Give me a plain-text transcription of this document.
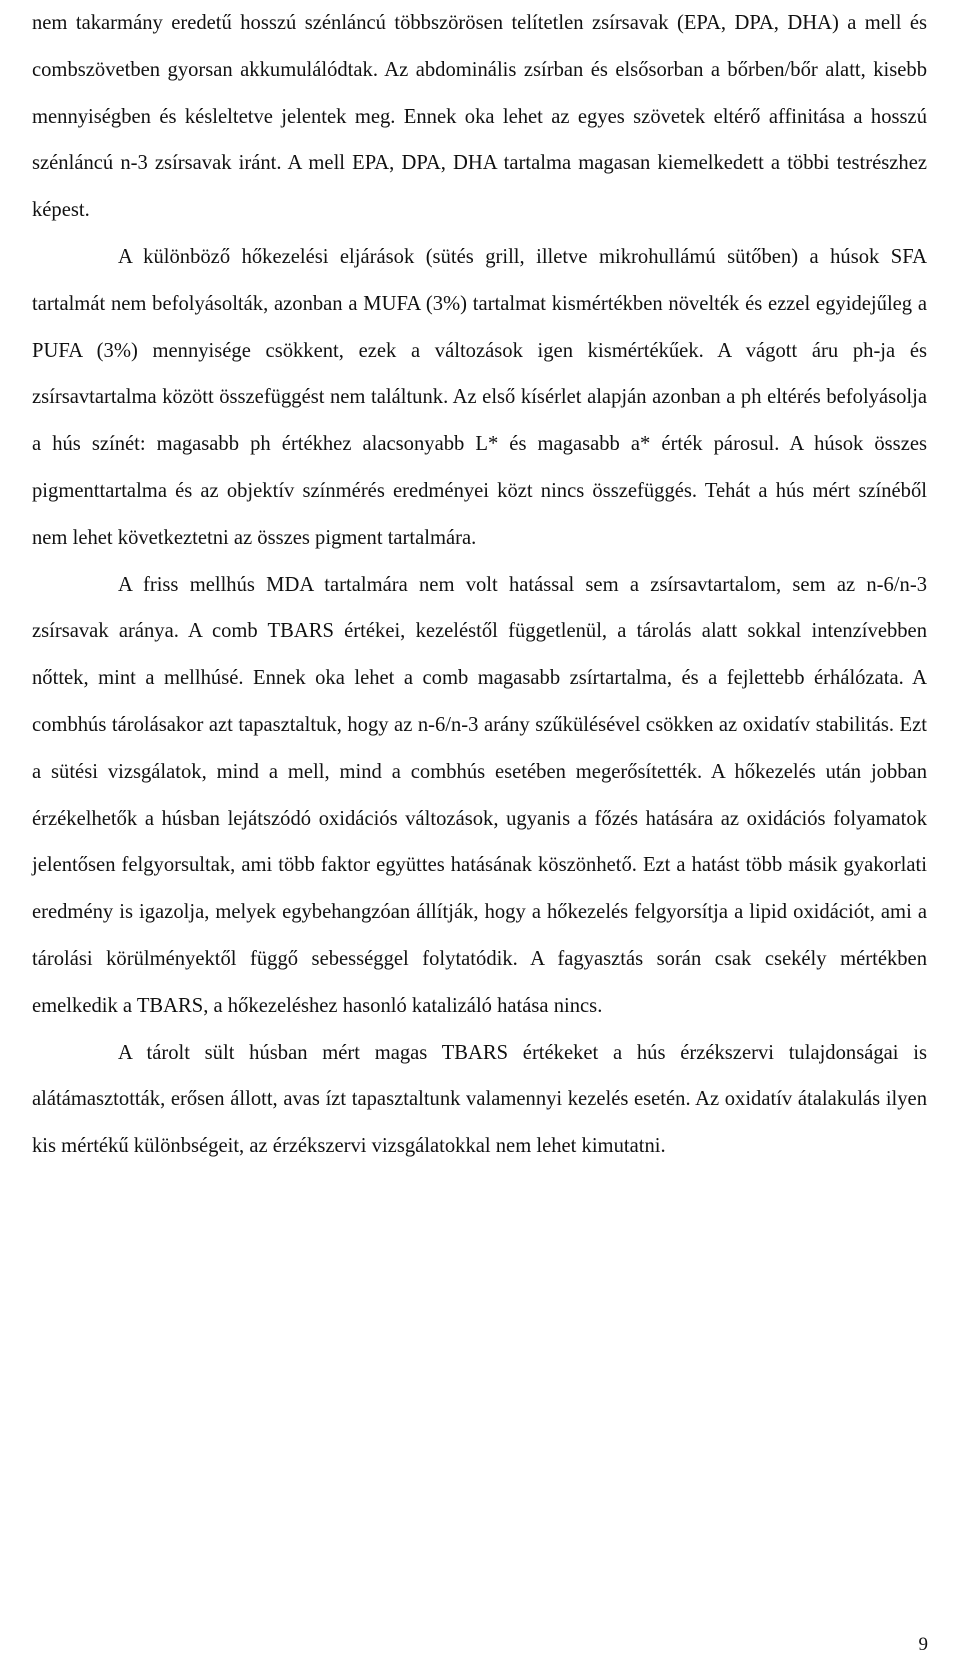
nem takarmány eredetű hosszú szénláncú többszörösen telítetlen zsírsavak (EPA, DPA, DHA) a mell és combszövetben gyorsan akkumulálódtak. Az abdominális zsírban és elsősorban a bőrben/bőr alatt, kisebb mennyiségben és késleltetve jelentek meg. Ennek oka lehet az egyes szövetek eltérő affinitása a hosszú szénláncú n-3 zsírsavak iránt. A mell EPA, DPA, DHA tartalma magasan kiemelkedett a többi testrészhez képest.

A különböző hőkezelési eljárások (sütés grill, illetve mikrohullámú sütőben) a húsok SFA tartalmát nem befolyásolták, azonban a MUFA (3%) tartalmat kismértékben növelték és ezzel egyidejűleg a PUFA (3%) mennyisége csökkent, ezek a változások igen kismértékűek. A vágott áru ph-ja és zsírsavtartalma között összefüggést nem találtunk. Az első kísérlet alapján azonban a ph eltérés befolyásolja a hús színét: magasabb ph értékhez alacsonyabb L* és magasabb a* érték párosul. A húsok összes pigmenttartalma és az objektív színmérés eredményei közt nincs összefüggés. Tehát a hús mért színéből nem lehet következtetni az összes pigment tartalmára.

A friss mellhús MDA tartalmára nem volt hatással sem a zsírsavtartalom, sem az n-6/n-3 zsírsavak aránya. A comb TBARS értékei, kezeléstől függetlenül, a tárolás alatt sokkal intenzívebben nőttek, mint a mellhúsé. Ennek oka lehet a comb magasabb zsírtartalma, és a fejlettebb érhálózata. A combhús tárolásakor azt tapasztaltuk, hogy az n-6/n-3 arány szűkülésével csökken az oxidatív stabilitás. Ezt a sütési vizsgálatok, mind a mell, mind a combhús esetében megerősítették. A hőkezelés után jobban érzékelhetők a húsban lejátszódó oxidációs változások, ugyanis a főzés hatására az oxidációs folyamatok jelentősen felgyorsultak, ami több faktor együttes hatásának köszönhető. Ezt a hatást több másik gyakorlati eredmény is igazolja, melyek egybehangzóan állítják, hogy a hőkezelés felgyorsítja a lipid oxidációt, ami a tárolási körülményektől függő sebességgel folytatódik. A fagyasztás során csak csekély mértékben emelkedik a TBARS, a hőkezeléshez hasonló katalizáló hatása nincs.

A tárolt sült húsban mért magas TBARS értékeket a hús érzékszervi tulajdonságai is alátámasztották, erősen állott, avas ízt tapasztaltunk valamennyi kezelés esetén. Az oxidatív átalakulás ilyen kis mértékű különbségeit, az érzékszervi vizsgálatokkal nem lehet kimutatni.

9
